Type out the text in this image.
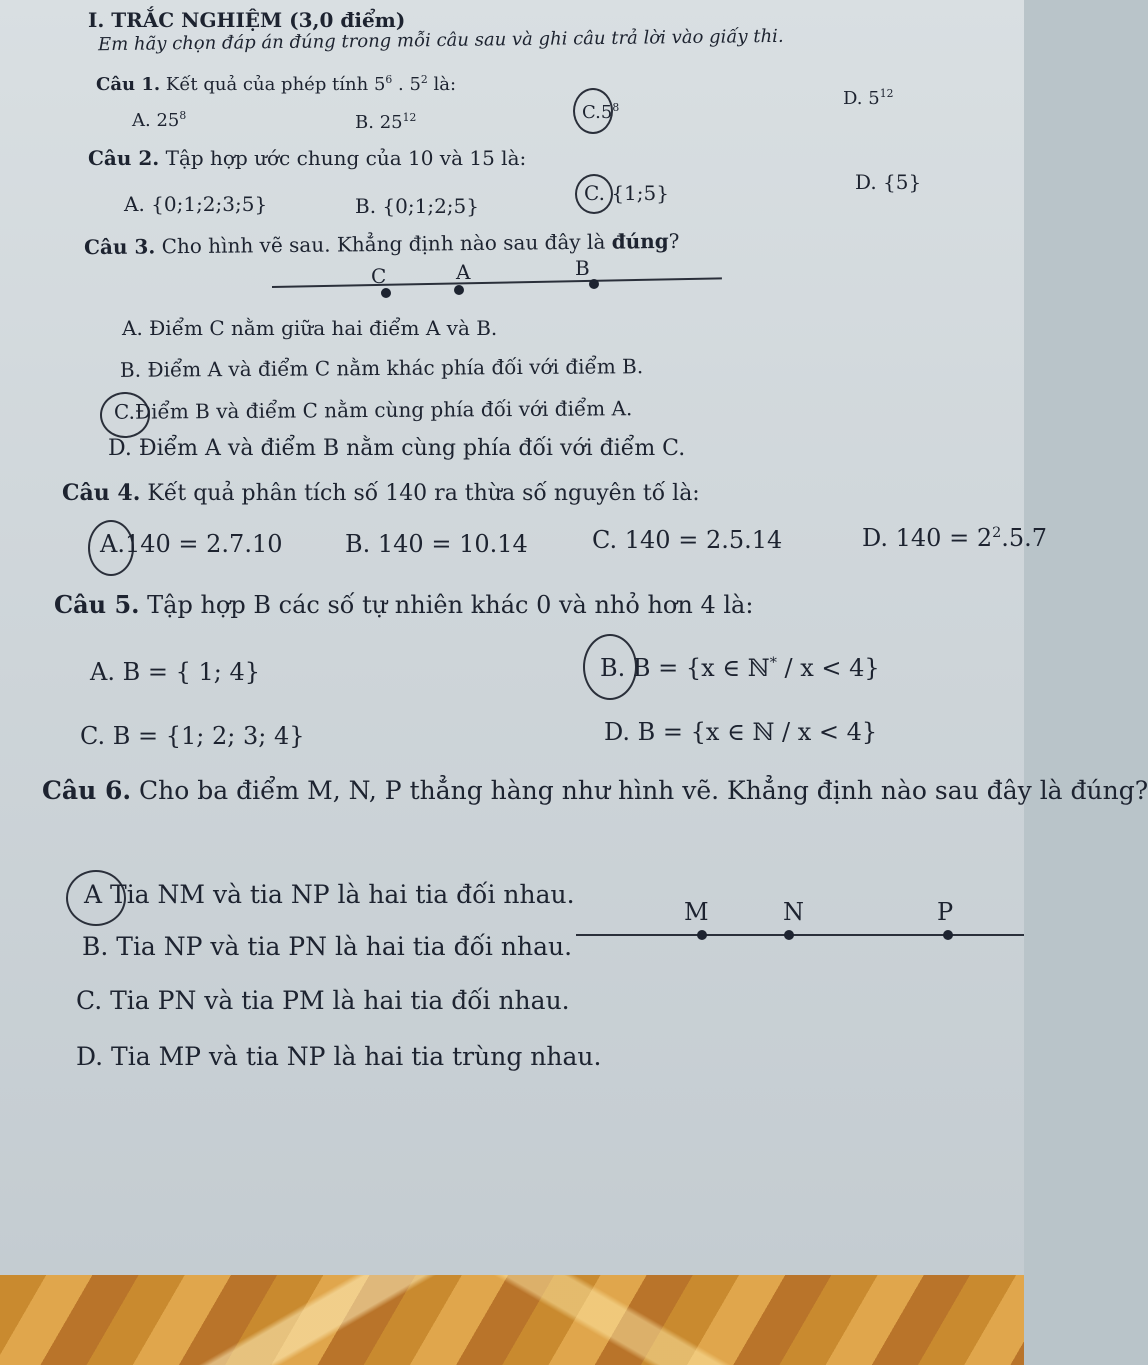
I. TRẮC NGHIỆM (3,0 điểm)
Em hãy chọn đáp án đúng trong mỗi câu sau và ghi câu trả lời vào giấy thi.
Câu 1. Kết quả của phép tính $5^6$ . $5^2$ là:
A. $25^8$	B. $25^{12}$	$C.5^8$	D. $5^{12}$
Câu 2. Tập hợp ước chung của 10 và 15 là:
A. {0;1;2;3;5}	B. {0;1;2;5}
C. {1;5}	D. {5}
Câu 3. Cho hình vẽ sau. Khẳng định nào sau đây là đúng?
C	A	B
A. Điểm C nằm giữa hai điểm A và B.
B. Điểm A và điểm C nằm khác phía đối với điểm B.
C.Điểm B và điểm C nằm cùng phía đối với điểm A.
D. Điểm A và điểm B nằm cùng phía đối với điểm C.
Câu 4. Kết quả phân tích số 140 ra thừa số nguyên tố là:
A.140 = 2.7.10	B. 140 = 10.14	C. 140 = 2.5.14	D. $140 = 2^2.5.7$
Câu 5. Tập hợp B các số tự nhiên khác 0 và nhỏ hơn 4 là:
A. B = { 1; 4}	B. B = {x ∈ ℕ* / x < 4}
C. B = {1; 2; 3; 4}	D. B = {x ∈ ℕ / x < 4}
Câu 6. Cho ba điểm M, N, P thẳng hàng như hình vẽ. Khẳng định nào sau đây là đúng?
A Tia NM và tia NP là hai tia đối nhau.
B. Tia NP và tia PN là hai tia đối nhau.
C. Tia PN và tia PM là hai tia đối nhau.
D. Tia MP và tia NP là hai tia trùng nhau.
M	N	P
